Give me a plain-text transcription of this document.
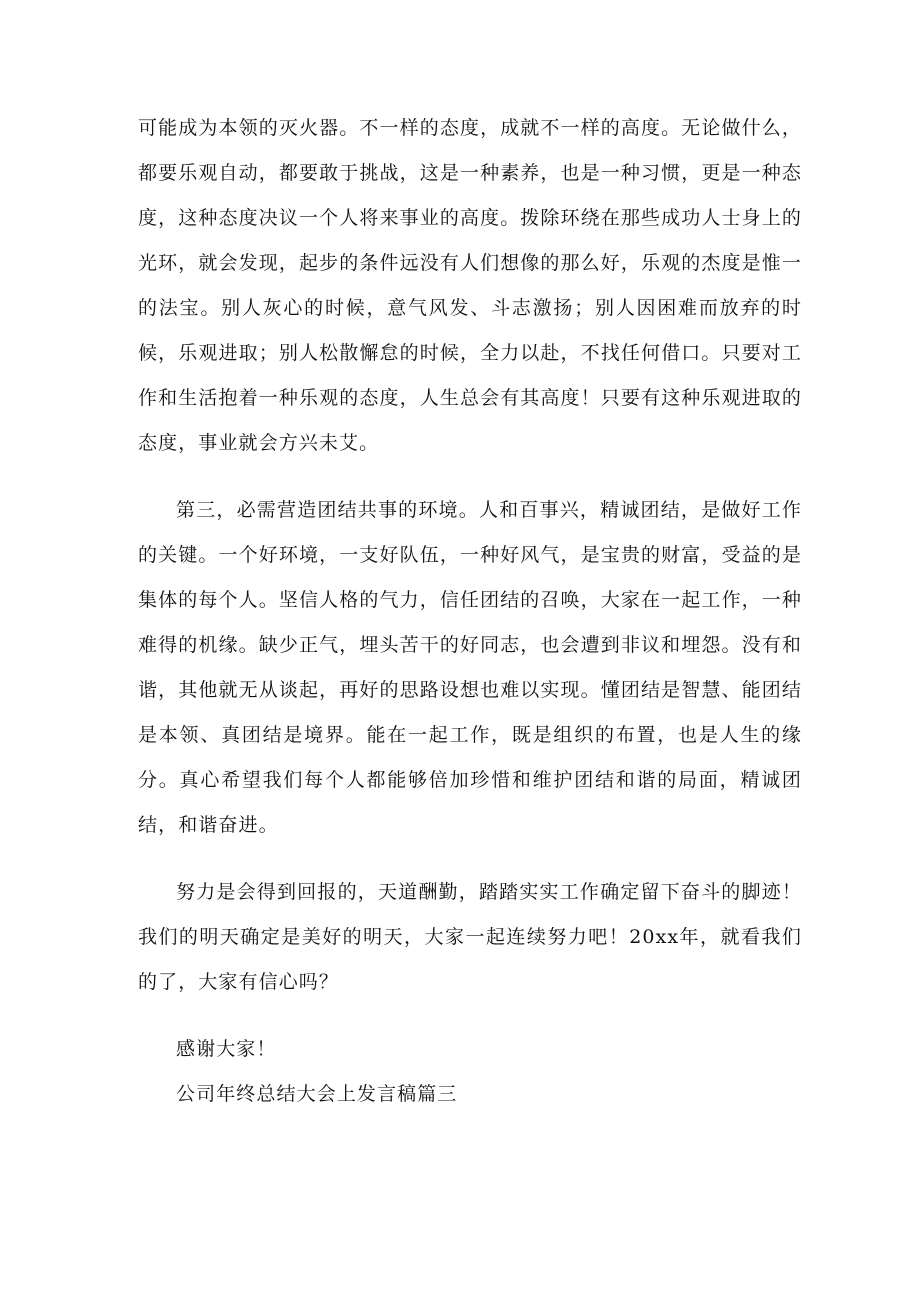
可能成为本领的灭火器。不一样的态度，成就不一样的高度。无论做什么，都要乐观自动，都要敢于挑战，这是一种素养，也是一种习惯，更是一种态度，这种态度决议一个人将来事业的高度。拨除环绕在那些成功人士身上的光环，就会发现，起步的条件远没有人们想像的那么好，乐观的杰度是惟一的法宝。别人灰心的时候，意气风发、斗志激扬；别人因困难而放弃的时候，乐观进取；别人松散懈怠的时候，全力以赴，不找任何借口。只要对工作和生活抱着一种乐观的态度，人生总会有其高度！只要有这种乐观进取的态度，事业就会方兴未艾。

第三，必需营造团结共事的环境。人和百事兴，精诚团结，是做好工作的关键。一个好环境，一支好队伍，一种好风气，是宝贵的财富，受益的是集体的每个人。坚信人格的气力，信任团结的召唤，大家在一起工作，一种难得的机缘。缺少正气，埋头苦干的好同志，也会遭到非议和埋怨。没有和谐，其他就无从谈起，再好的思路设想也难以实现。懂团结是智慧、能团结是本领、真团结是境界。能在一起工作，既是组织的布置，也是人生的缘分。真心希望我们每个人都能够倍加珍惜和维护团结和谐的局面，精诚团结，和谐奋进。

努力是会得到回报的，天道酬勤，踏踏实实工作确定留下奋斗的脚迹！我们的明天确定是美好的明天，大家一起连续努力吧！20xx年，就看我们的了，大家有信心吗？

感谢大家！

公司年终总结大会上发言稿篇三
